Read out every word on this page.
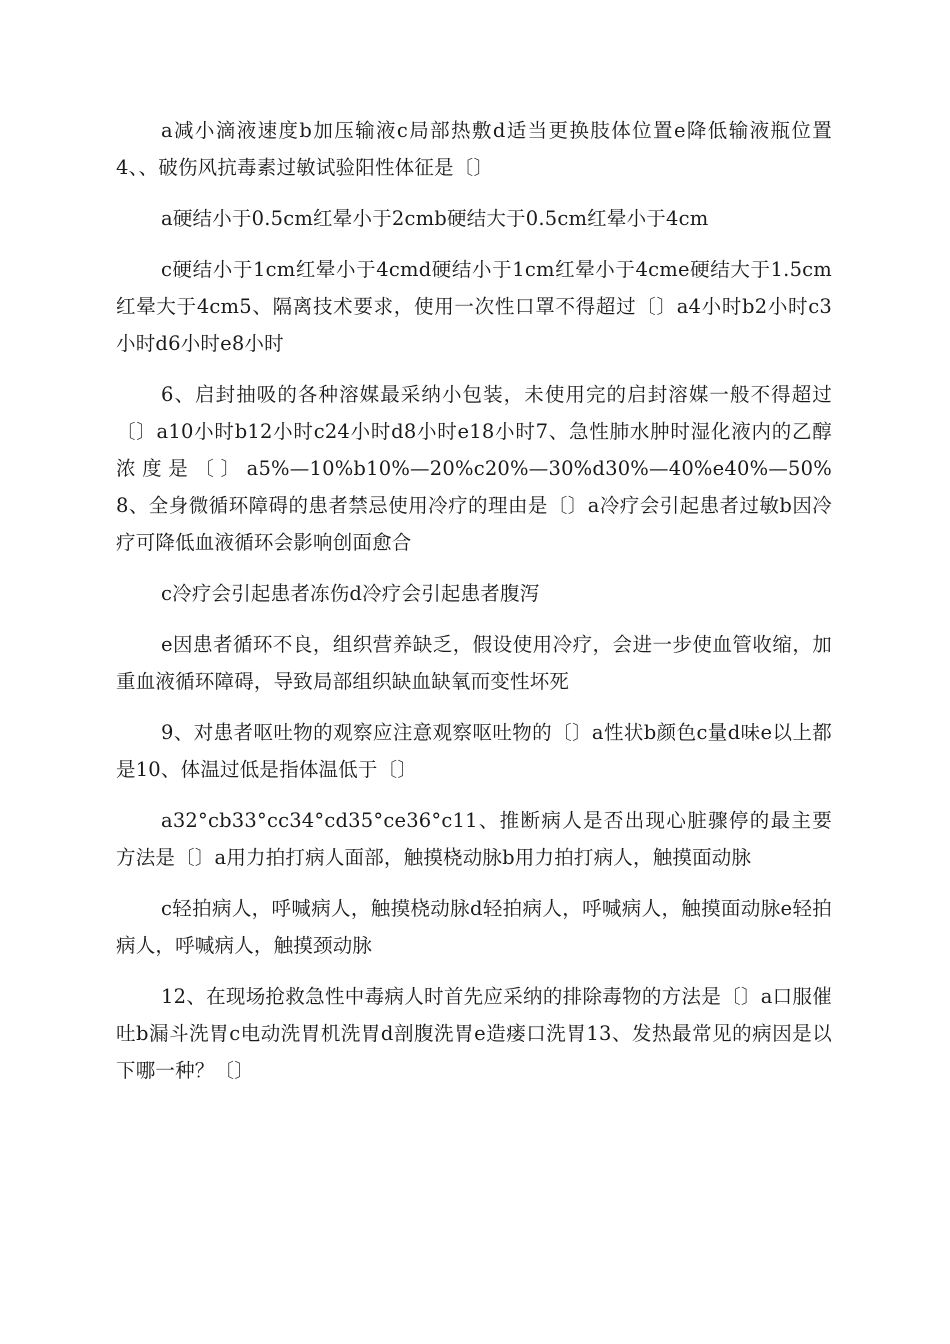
a减小滴液速度b加压输液c局部热敷d适当更换肢体位置e降低输液瓶位置4、、破伤风抗毒素过敏试验阳性体征是〔〕

a硬结小于0.5cm红晕小于2cmb硬结大于0.5cm红晕小于4cm

c硬结小于1cm红晕小于4cmd硬结小于1cm红晕小于4cme硬结大于1.5cm红晕大于4cm5、隔离技术要求，使用一次性口罩不得超过〔〕a4小时b2小时c3小时d6小时e8小时

6、启封抽吸的各种溶媒最采纳小包装，未使用完的启封溶媒一般不得超过〔〕a10小时b12小时c24小时d8小时e18小时7、急性肺水肿时湿化液内的乙醇浓度是〔〕a5%—10%b10%—20%c20%—30%d30%—40%e40%—50%8、全身微循环障碍的患者禁忌使用冷疗的理由是〔〕a冷疗会引起患者过敏b因冷疗可降低血液循环会影响创面愈合

c冷疗会引起患者冻伤d冷疗会引起患者腹泻

e因患者循环不良，组织营养缺乏，假设使用冷疗，会进一步使血管收缩，加重血液循环障碍，导致局部组织缺血缺氧而变性坏死

9、对患者呕吐物的观察应注意观察呕吐物的〔〕a性状b颜色c量d味e以上都是10、体温过低是指体温低于〔〕

a32°cb33°cc34°cd35°ce36°c11、推断病人是否出现心脏骤停的最主要方法是〔〕a用力拍打病人面部，触摸桡动脉b用力拍打病人，触摸面动脉

c轻拍病人，呼喊病人，触摸桡动脉d轻拍病人，呼喊病人，触摸面动脉e轻拍病人，呼喊病人，触摸颈动脉

12、在现场抢救急性中毒病人时首先应采纳的排除毒物的方法是〔〕a口服催吐b漏斗洗胃c电动洗胃机洗胃d剖腹洗胃e造瘘口洗胃13、发热最常见的病因是以下哪一种？〔〕
